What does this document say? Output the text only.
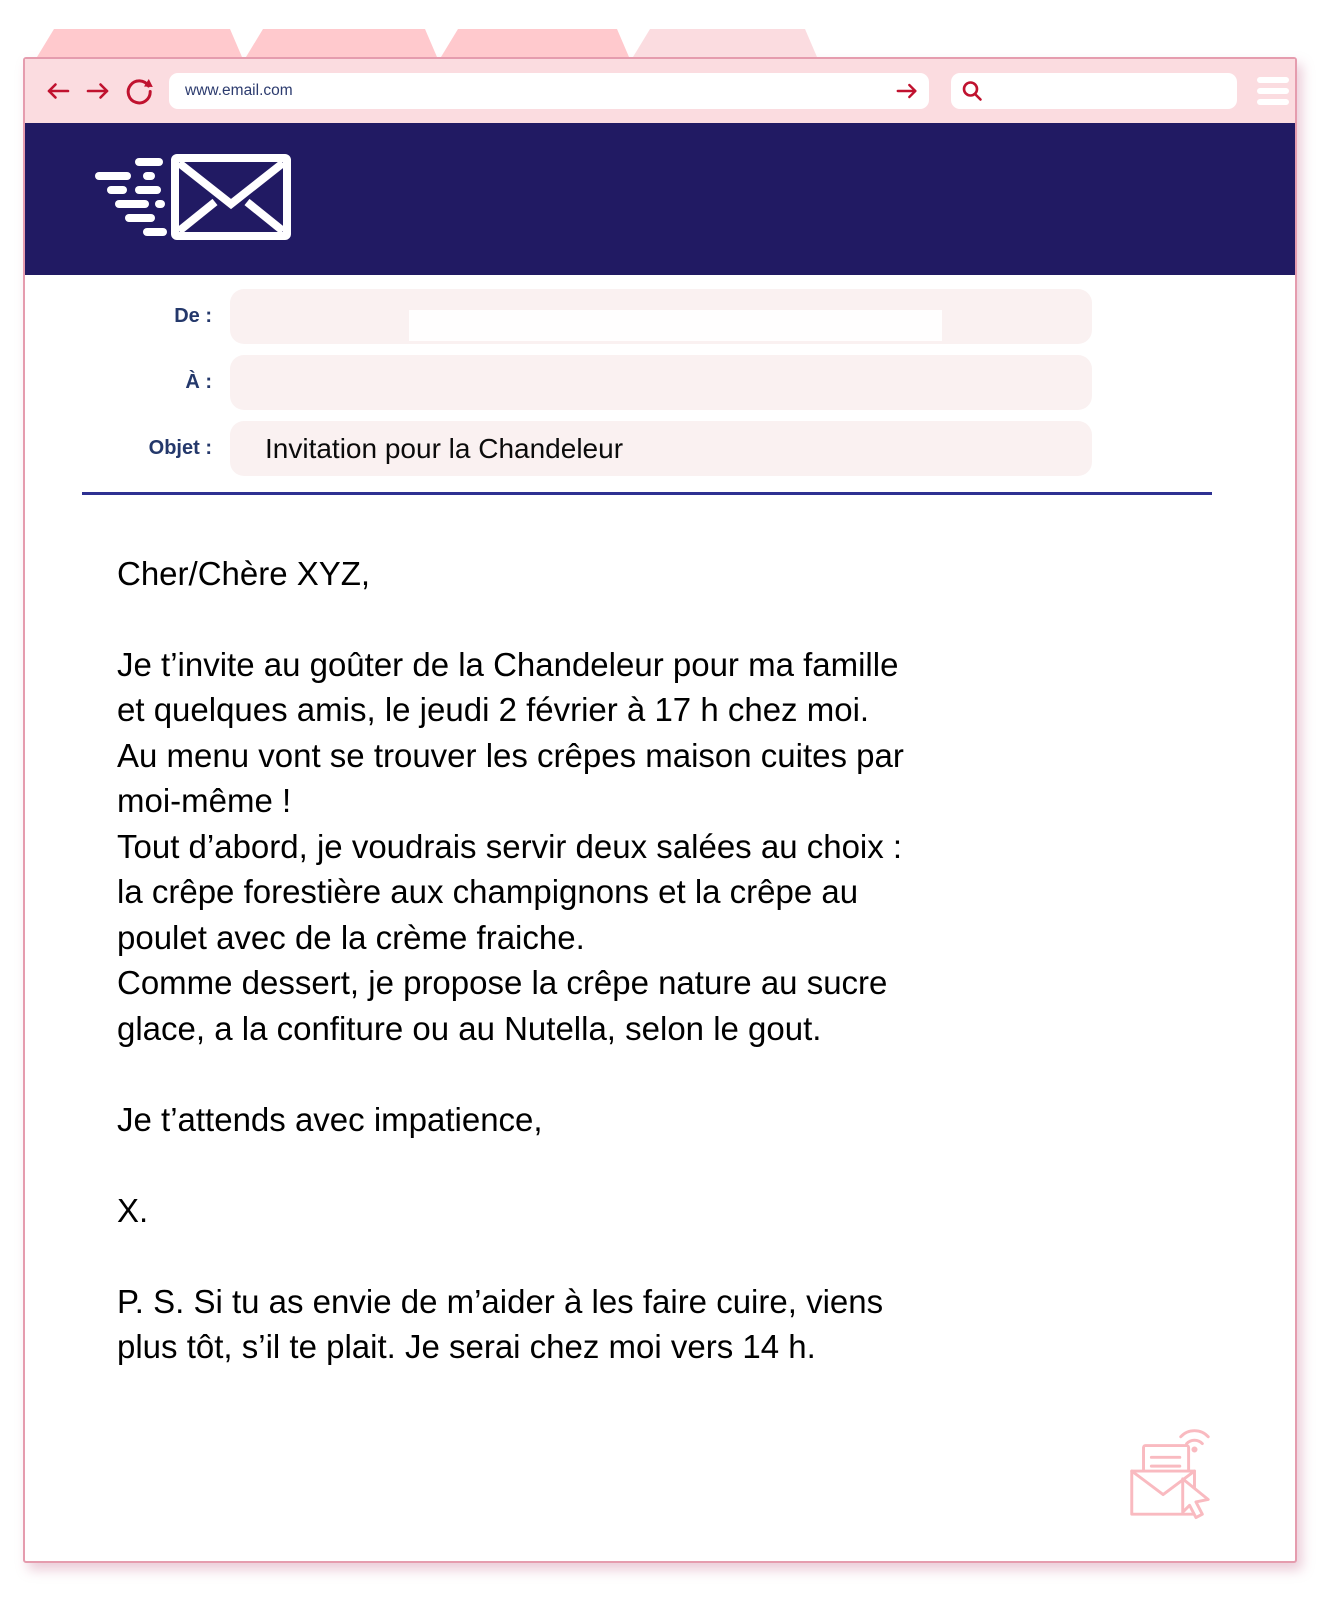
www.email.com
De :
À :
Objet :	Invitation pour la Chandeleur
Cher/Chère XYZ,
Je t’invite au goûter de la Chandeleur pour ma famille
et quelques amis, le jeudi 2 février à 17 h chez moi.
Au menu vont se trouver les crêpes maison cuites par
moi-même !
Tout d’abord, je voudrais servir deux salées au choix :
la crêpe forestière aux champignons et la crêpe au
poulet avec de la crème fraiche.
Comme dessert, je propose la crêpe nature au sucre
glace, a la confiture ou au Nutella, selon le gout.
Je t’attends avec impatience,
X.
P. S. Si tu as envie de m’aider à les faire cuire, viens
plus tôt, s’il te plait. Je serai chez moi vers 14 h.
